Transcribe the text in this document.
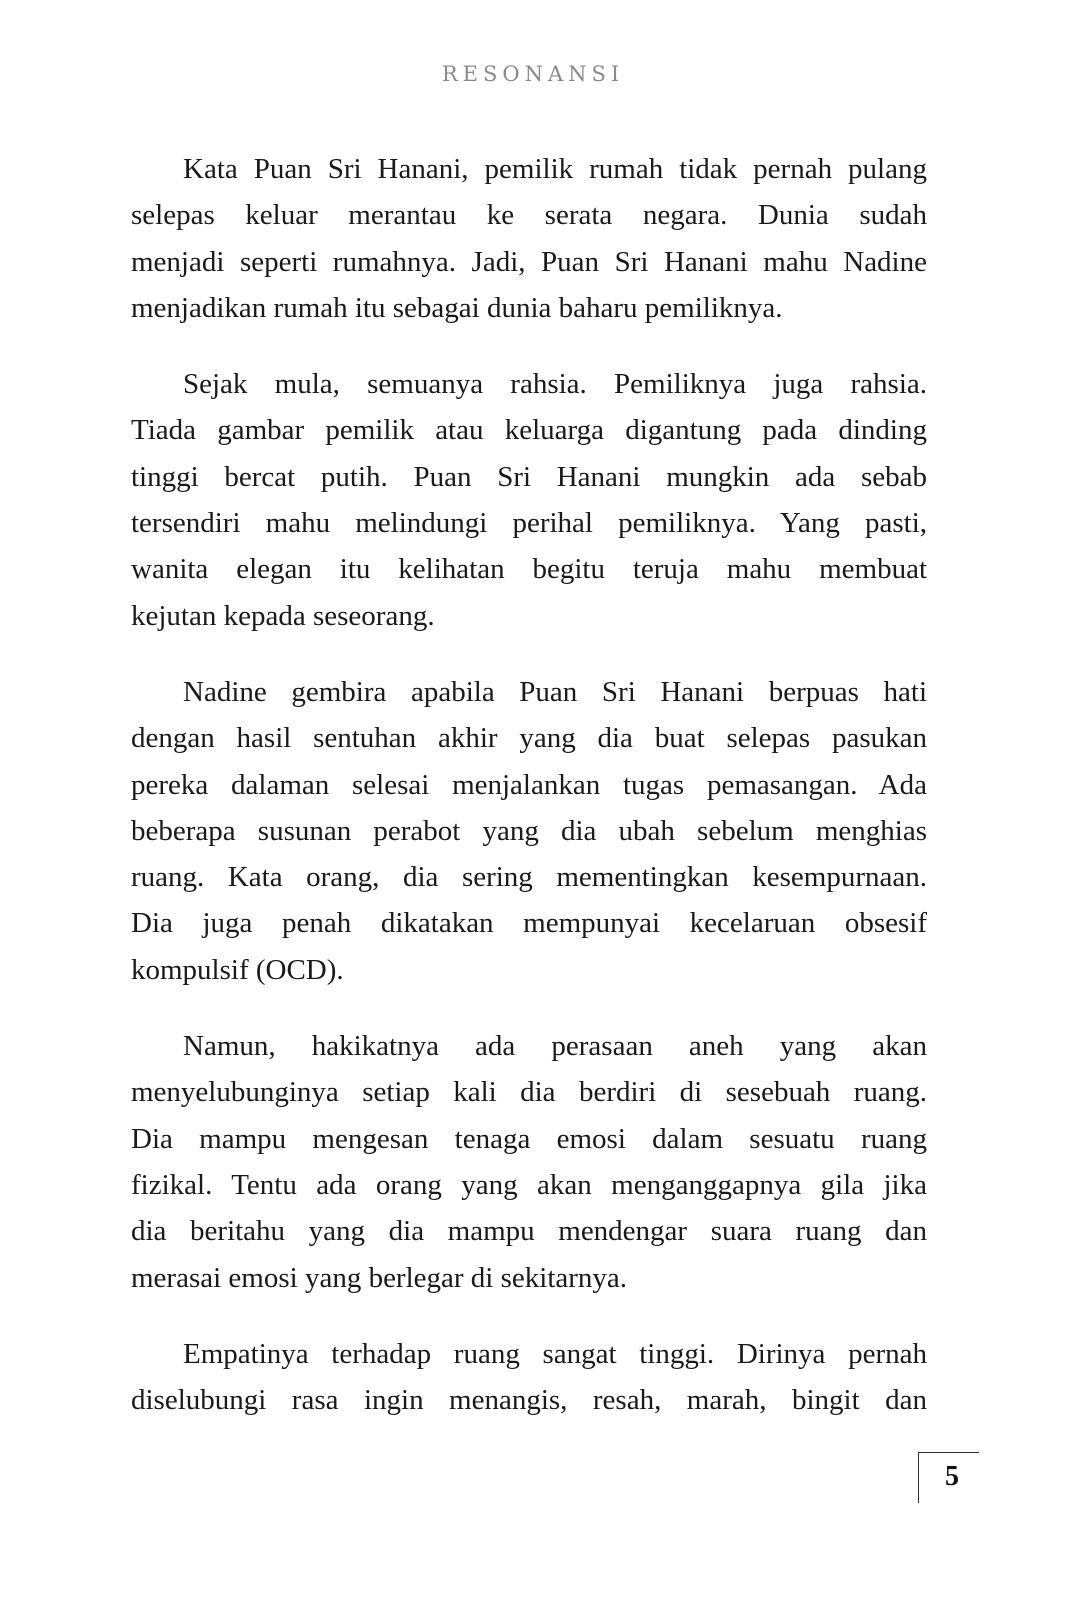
RESONANSI
Kata Puan Sri Hanani, pemilik rumah tidak pernah pulang
selepas keluar merantau ke serata negara. Dunia sudah
menjadi seperti rumahnya. Jadi, Puan Sri Hanani mahu Nadine
menjadikan rumah itu sebagai dunia baharu pemiliknya.
Sejak mula, semuanya rahsia. Pemiliknya juga rahsia.
Tiada gambar pemilik atau keluarga digantung pada dinding
tinggi bercat putih. Puan Sri Hanani mungkin ada sebab
tersendiri mahu melindungi perihal pemiliknya. Yang pasti,
wanita elegan itu kelihatan begitu teruja mahu membuat
kejutan kepada seseorang.
Nadine gembira apabila Puan Sri Hanani berpuas hati
dengan hasil sentuhan akhir yang dia buat selepas pasukan
pereka dalaman selesai menjalankan tugas pemasangan. Ada
beberapa susunan perabot yang dia ubah sebelum menghias
ruang. Kata orang, dia sering mementingkan kesempurnaan.
Dia juga penah dikatakan mempunyai kecelaruan obsesif
kompulsif (OCD).
Namun, hakikatnya ada perasaan aneh yang akan
menyelubunginya setiap kali dia berdiri di sesebuah ruang.
Dia mampu mengesan tenaga emosi dalam sesuatu ruang
fizikal. Tentu ada orang yang akan menganggapnya gila jika
dia beritahu yang dia mampu mendengar suara ruang dan
merasai emosi yang berlegar di sekitarnya.
Empatinya terhadap ruang sangat tinggi. Dirinya pernah
diselubungi rasa ingin menangis, resah, marah, bingit dan
5
